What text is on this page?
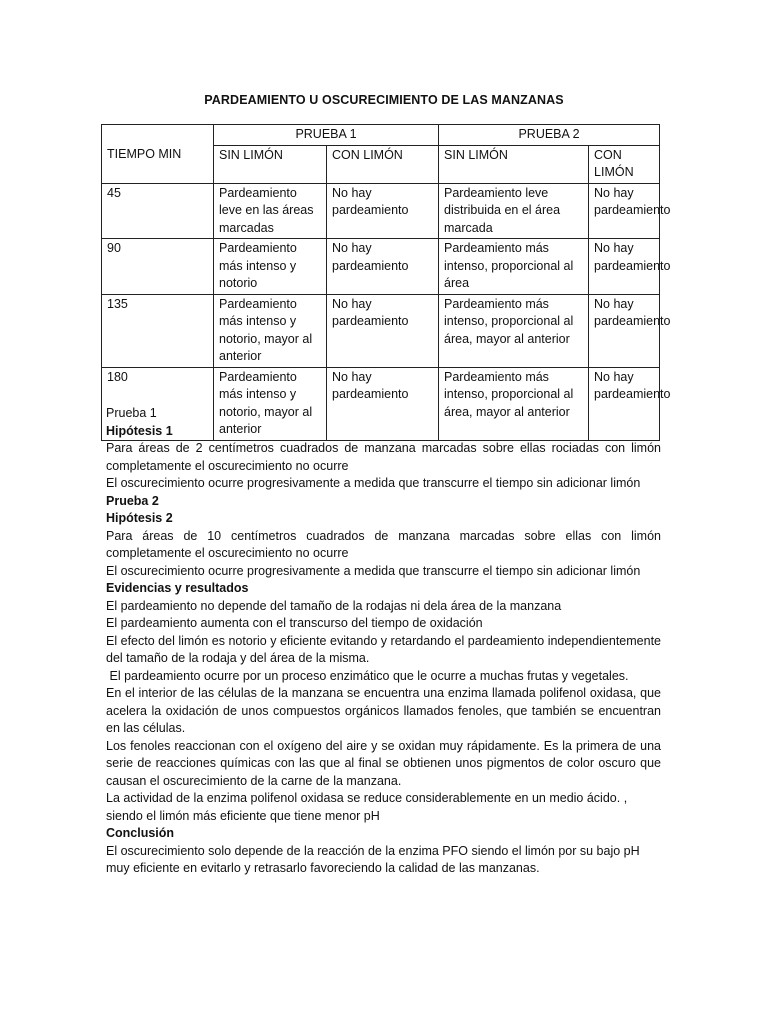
PARDEAMIENTO U OSCURECIMIENTO DE LAS MANZANAS
	PRUEBA 1		PRUEBA 2	
TIEMPO MIN	SIN LIMÓN	CON LIMÓN	SIN LIMÓN	CON LIMÓN
45	Pardeamiento leve en las áreas marcadas	No hay pardeamiento	Pardeamiento leve distribuida en el área marcada	No hay pardeamiento
90	Pardeamiento más intenso y notorio	No hay pardeamiento	Pardeamiento más intenso, proporcional al área	No hay pardeamiento
135	Pardeamiento más intenso y notorio, mayor al anterior	No hay pardeamiento	Pardeamiento más intenso, proporcional al área, mayor al anterior	No hay pardeamiento
180	Pardeamiento más intenso y notorio, mayor al anterior	No hay pardeamiento	Pardeamiento más intenso, proporcional al área, mayor al anterior	No hay pardeamiento

Prueba 1

Hipótesis 1

Para áreas de 2 centímetros cuadrados de manzana marcadas sobre ellas rociadas con limón completamente el oscurecimiento no ocurre

El oscurecimiento ocurre progresivamente a medida que transcurre el tiempo sin adicionar limón

Prueba 2

Hipótesis 2

Para áreas de 10 centímetros cuadrados de manzana marcadas sobre ellas con limón completamente el oscurecimiento no ocurre

El oscurecimiento ocurre progresivamente a medida que transcurre el tiempo sin adicionar limón

Evidencias y resultados

El pardeamiento no depende del tamaño de la rodajas ni dela área de la manzana

El pardeamiento aumenta con el transcurso del tiempo de oxidación

El efecto del limón es notorio y eficiente evitando y retardando el pardeamiento independientemente del tamaño de la rodaja y del área de la misma.

El pardeamiento ocurre por un proceso enzimático que le ocurre a muchas frutas y vegetales.

En el interior de las células de la manzana se encuentra una enzima llamada polifenol oxidasa, que acelera la oxidación de unos compuestos orgánicos llamados fenoles, que también se encuentran en las células.

Los fenoles reaccionan con el oxígeno del aire y se oxidan muy rápidamente. Es la primera de una serie de reacciones químicas con las que al final se obtienen unos pigmentos de color oscuro que causan el oscurecimiento de la carne de la manzana.

La actividad de la enzima polifenol oxidasa se reduce considerablemente en un medio ácido. , siendo el limón más eficiente que tiene menor pH

Conclusión

El oscurecimiento solo depende de la reacción de la enzima PFO siendo el limón por su bajo pH muy eficiente en evitarlo y retrasarlo favoreciendo la calidad de las manzanas.
